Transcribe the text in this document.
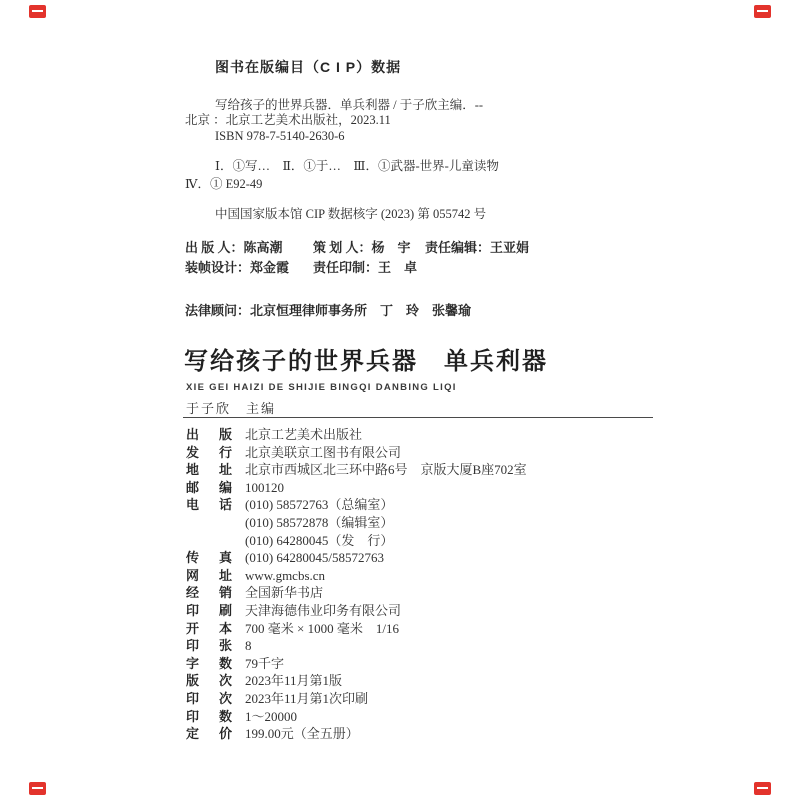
图书在版编目（C I P）数据

写给孩子的世界兵器．单兵利器 / 于子欣主编．--

北京 ：北京工艺美术出版社，2023.11

ISBN 978-7-5140-2630-6

Ⅰ．①写…　Ⅱ．①于…　Ⅲ．①武器-世界-儿童读物

Ⅳ．① E92-49

中国国家版本馆 CIP 数据核字 (2023) 第 055742 号

出 版 人：陈高潮	策 划 人：杨　宇	责任编辑：王亚娟
装帧设计：郑金霞	责任印制：王　卓
法律顾问：北京恒理律师事务所　丁　玲　张馨瑜
写给孩子的世界兵器　单兵利器
XIE GEI HAIZI DE SHIJIE BINGQI DANBING LIQI
于子欣　主编
出 版 北京工艺美术出版社
发 行 北京美联京工图书有限公司
地 址 北京市西城区北三环中路6号　京版大厦B座702室
邮 编 100120
电 话 (010) 58572763（总编室）
(010) 58572878（编辑室）
(010) 64280045（发　行）
传 真 (010) 64280045/58572763
网 址 www.gmcbs.cn
经 销 全国新华书店
印 刷 天津海德伟业印务有限公司
开 本 700 毫米 × 1000 毫米　1/16
印 张 8
字 数 79千字
版 次 2023年11月第1版
印 次 2023年11月第1次印刷
印 数 1～20000
定 价 199.00元（全五册）
